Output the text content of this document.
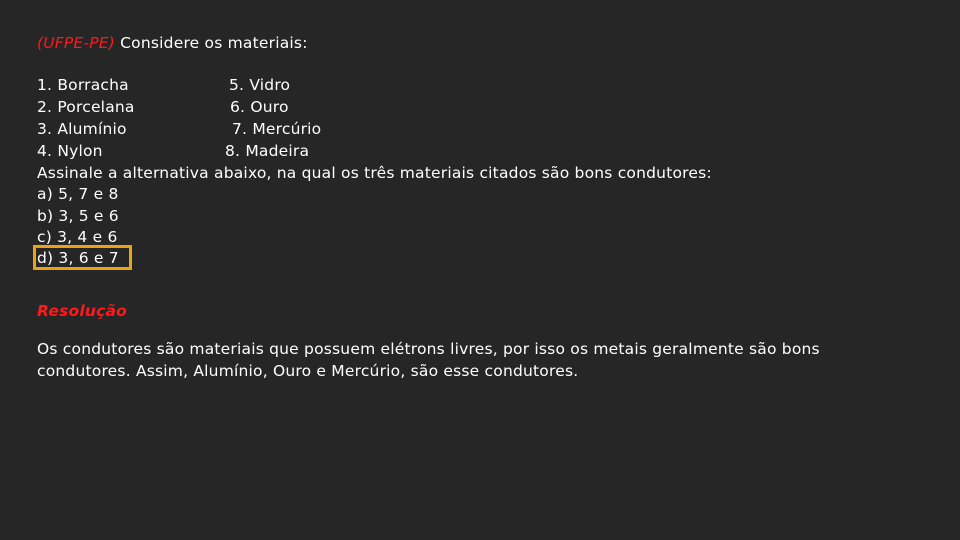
(UFPE-PE) Considere os materiais:
1. Borracha
2. Porcelana
3. Alumínio
4. Nylon
5. Vidro
6. Ouro
7. Mercúrio
8. Madeira
Assinale a alternativa abaixo, na qual os três materiais citados são bons condutores:
a) 5, 7 e 8
b) 3, 5 e 6
c) 3, 4 e 6
d) 3, 6 e 7
Resolução
Os condutores são materiais que possuem elétrons livres, por isso os metais geralmente são bons
condutores. Assim, Alumínio, Ouro e Mercúrio, são esse condutores.
